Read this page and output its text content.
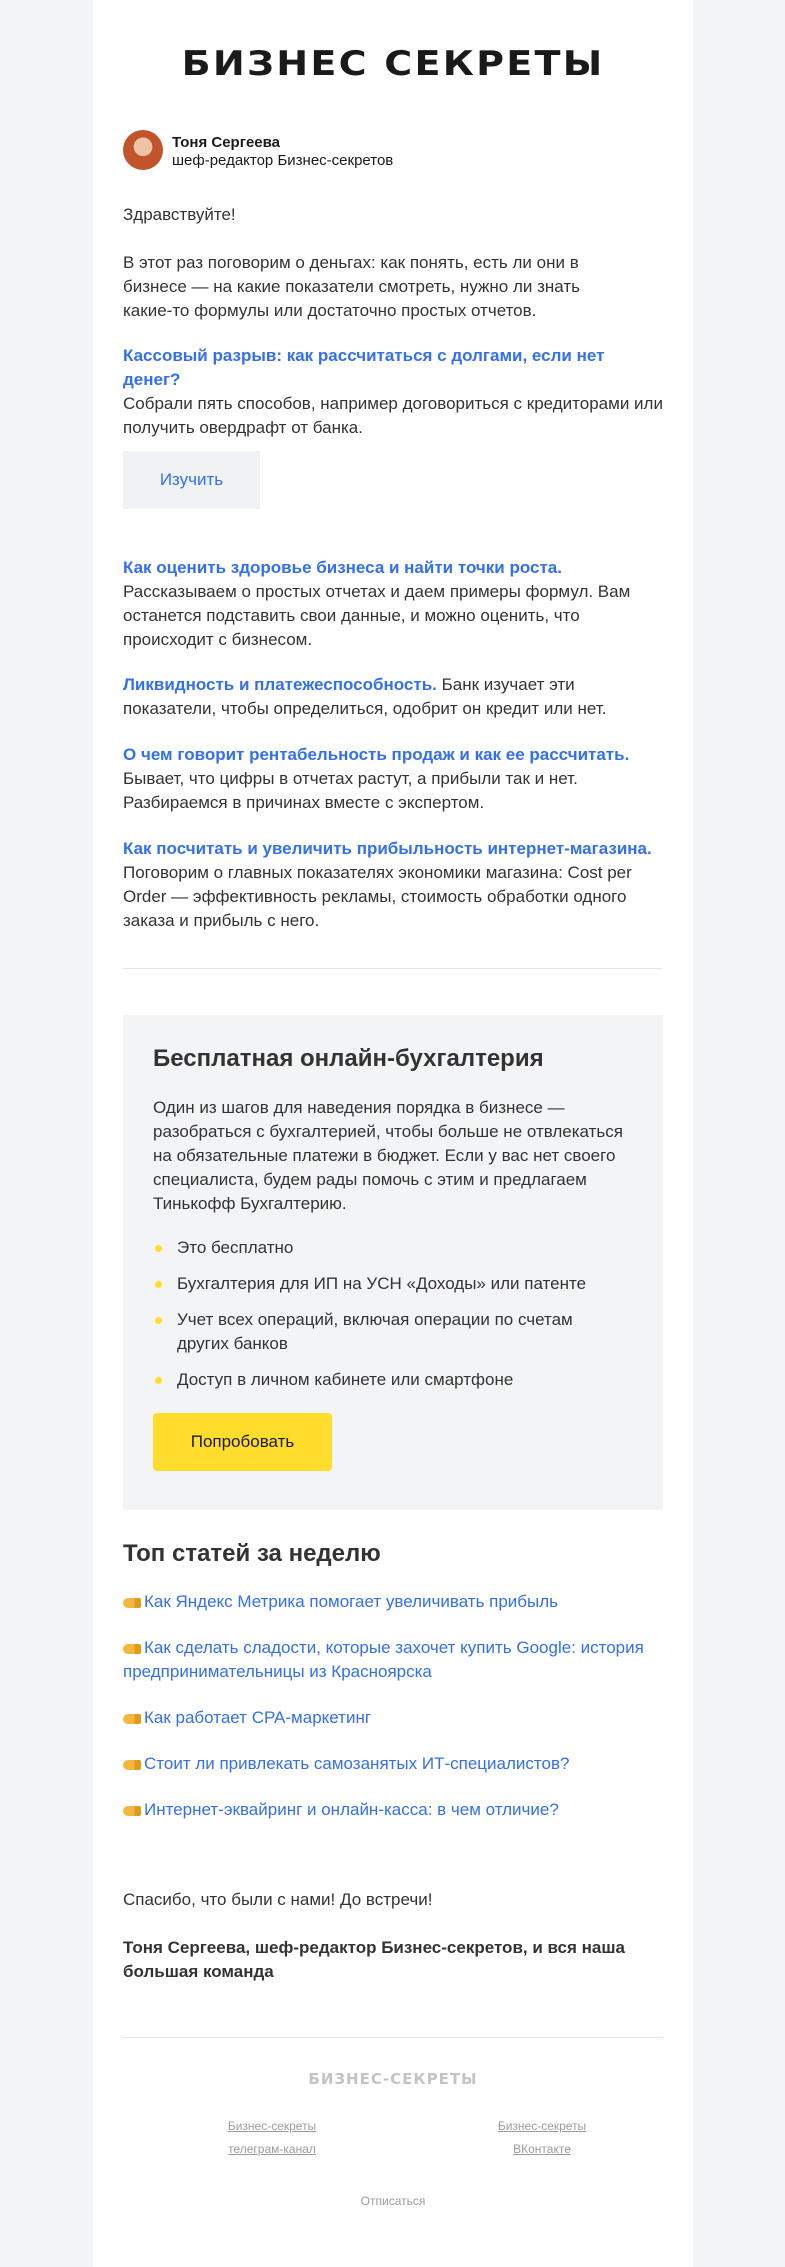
БИЗНЕС СЕКРЕТЫ
Тоня Сергеева
шеф-редактор Бизнес-секретов

Здравствуйте!

В этот раз поговорим о деньгах: как понять, есть ли они в бизнесе — на какие показатели смотреть, нужно ли знать какие-то формулы или достаточно простых отчетов.

Кассовый разрыв: как рассчитаться с долгами, если нет денег?
Собрали пять способов, например договориться с кредиторами или получить овердрафт от банка.

Изучить

Как оценить здоровье бизнеса и найти точки роста.
Рассказываем о простых отчетах и даем примеры формул. Вам останется подставить свои данные, и можно оценить, что происходит с бизнесом.

Ликвидность и платежеспособность. Банк изучает эти показатели, чтобы определиться, одобрит он кредит или нет.

О чем говорит рентабельность продаж и как ее рассчитать.
Бывает, что цифры в отчетах растут, а прибыли так и нет. Разбираемся в причинах вместе с экспертом.

Как посчитать и увеличить прибыльность интернет-магазина.
Поговорим о главных показателях экономики магазина: Cost per Order — эффективность рекламы, стоимость обработки одного заказа и прибыль с него.

Бесплатная онлайн-бухгалтерия
Один из шагов для наведения порядка в бизнесе — разобраться с бухгалтерией, чтобы больше не отвлекаться на обязательные платежи в бюджет. Если у вас нет своего специалиста, будем рады помочь с этим и предлагаем Тинькофф Бухгалтерию.
Это бесплатно
Бухгалтерия для ИП на УСН «Доходы» или патенте
Учет всех операций, включая операции по счетам других банков
Доступ в личном кабинете или смартфоне
Попробовать
Топ статей за неделю
Как Яндекс Метрика помогает увеличивать прибыль
Как сделать сладости, которые захочет купить Google: история предпринимательницы из Красноярска
Как работает CPA-маркетинг
Стоит ли привлекать самозанятых ИТ-специалистов?
Интернет-эквайринг и онлайн-касса: в чем отличие?

Спасибо, что были с нами! До встречи!

Тоня Сергеева, шеф-редактор Бизнес-секретов, и вся наша большая команда

БИЗНЕС-СЕКРЕТЫ
Бизнес-секреты
телеграм-канал
Бизнес-секреты
ВКонтакте
Отписаться
